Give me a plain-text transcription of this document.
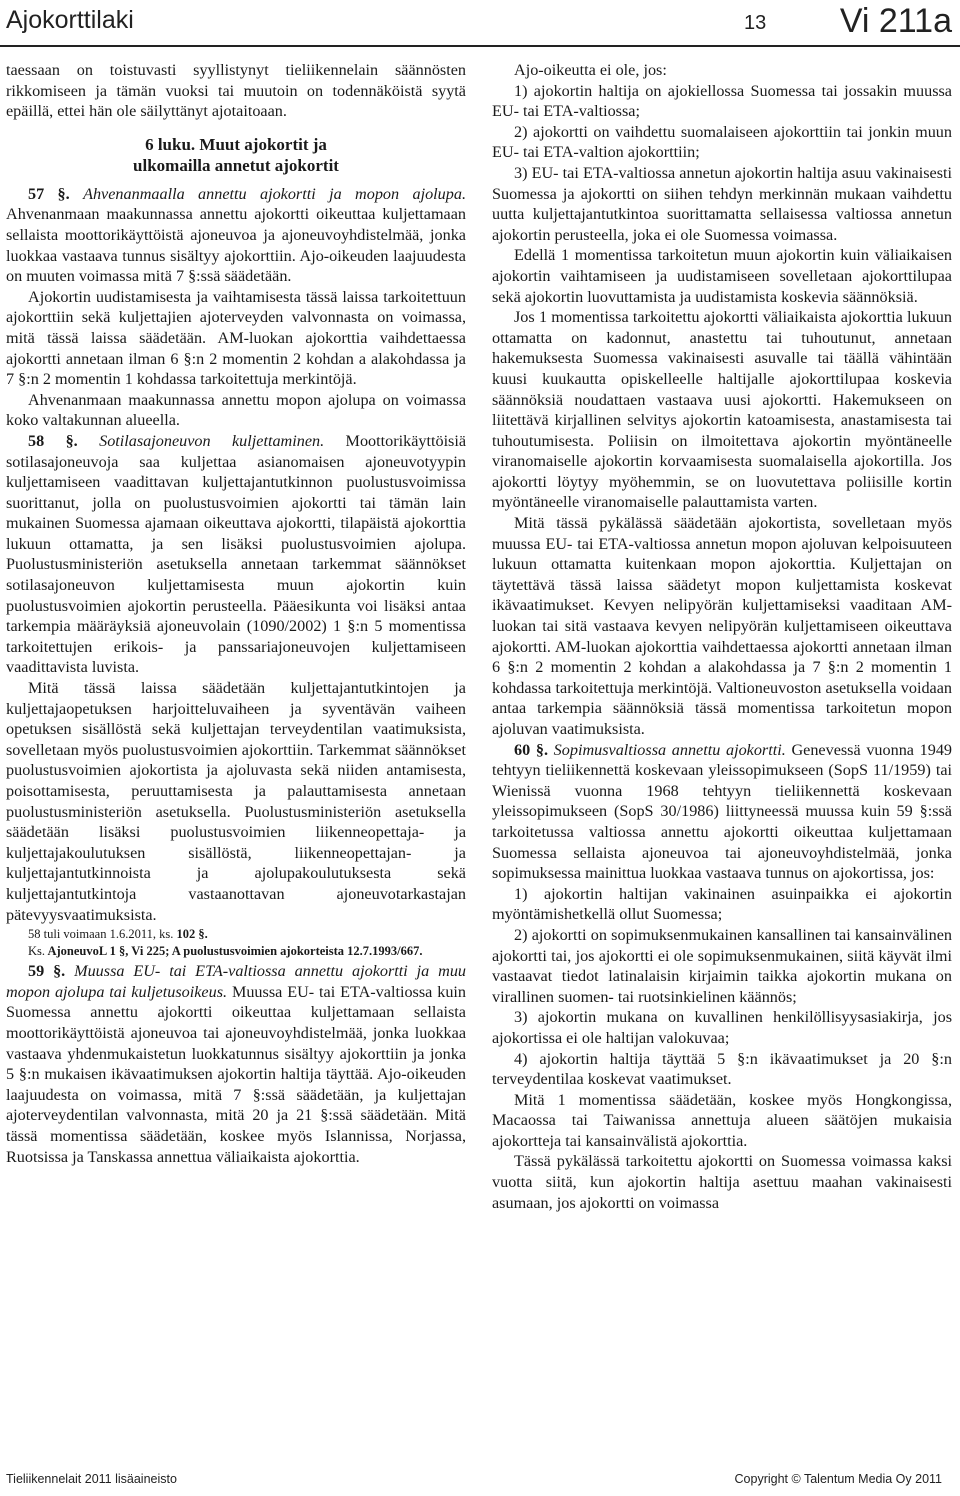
Ajokorttilaki	13 Vi 211a

taessaan on toistuvasti syyllistynyt tieliikennelain säännösten rikkomiseen ja tämän vuoksi tai muutoin on todennäköistä syytä epäillä, ettei hän ole säilyttänyt ajotaitoaan.

6 luku. Muut ajokortit ja
ulkomailla annetut ajokortit

57 §. Ahvenanmaalla annettu ajokortti ja mopon ajolupa. Ahvenanmaan maakunnassa annettu ajokortti oikeuttaa kuljettamaan sellaista moottorikäyttöistä ajoneuvoa ja ajoneuvoyhdistelmää, jonka luokkaa vastaava tunnus sisältyy ajokorttiin. Ajo-oikeuden laajuudesta on muuten voimassa mitä 7 §:ssä säädetään.

Ajokortin uudistamisesta ja vaihtamisesta tässä laissa tarkoitettuun ajokorttiin sekä kuljettajien ajoterveyden valvonnasta on voimassa, mitä tässä laissa säädetään. AM-luokan ajokorttia vaihdettaessa ajokortti annetaan ilman 6 §:n 2 momentin 2 kohdan a alakohdassa ja 7 §:n 2 momentin 1 kohdassa tarkoitettuja merkintöjä.

Ahvenanmaan maakunnassa annettu mopon ajolupa on voimassa koko valtakunnan alueella.

58 §. Sotilasajoneuvon kuljettaminen. Moottorikäyttöisiä sotilasajoneuvoja saa kuljettaa asianomaisen ajoneuvotyypin kuljettamiseen vaadittavan kuljettajantutkinnon puolustusvoimissa suorittanut, jolla on puolustusvoimien ajokortti tai tämän lain mukainen Suomessa ajamaan oikeuttava ajokortti, tilapäistä ajokorttia lukuun ottamatta, ja sen lisäksi puolustusvoimien ajolupa. Puolustusministeriön asetuksella annetaan tarkemmat säännökset sotilasajoneuvon kuljettamisesta muun ajokortin kuin puolustusvoimien ajokortin perusteella. Pääesikunta voi lisäksi antaa tarkempia määräyksiä ajoneuvolain (1090/2002) 1 §:n 5 momentissa tarkoitettujen erikois- ja panssariajoneuvojen kuljettamiseen vaadittavista luvista.

Mitä tässä laissa säädetään kuljettajantutkintojen ja kuljettajaopetuksen harjoitteluvaiheen ja syventävän vaiheen opetuksen sisällöstä sekä kuljettajan terveydentilan vaatimuksista, sovelletaan myös puolustusvoimien ajokorttiin. Tarkemmat säännökset puolustusvoimien ajokortista ja ajoluvasta sekä niiden antamisesta, poisottamisesta, peruuttamisesta ja palauttamisesta annetaan puolustusministeriön asetuksella. Puolustusministeriön asetuksella säädetään lisäksi puolustusvoimien liikenneopettaja- ja kuljettajakoulutuksen sisällöstä, liikenneopettajan- ja kuljettajantutkinnoista ja ajolupakoulutuksesta sekä kuljettajantutkintoja vastaanottavan ajoneuvotarkastajan pätevyysvaatimuksista.

58 tuli voimaan 1.6.2011, ks. 102 §.

Ks. AjoneuvoL 1 §, Vi 225; A puolustusvoimien ajokorteista 12.7.1993/667.

59 §. Muussa EU- tai ETA-valtiossa annettu ajokortti ja muu mopon ajolupa tai kuljetusoikeus. Muussa EU- tai ETA-valtiossa kuin Suomessa annettu ajokortti oikeuttaa kuljettamaan sellaista moottorikäyttöistä ajoneuvoa tai ajoneuvoyhdistelmää, jonka luokkaa vastaava yhdenmukaistetun luokkatunnus sisältyy ajokorttiin ja jonka 5 §:n mukaisen ikävaatimuksen ajokortin haltija täyttää. Ajo-oikeuden laajuudesta on voimassa, mitä 7 §:ssä säädetään, ja kuljettajan ajoterveydentilan valvonnasta, mitä 20 ja 21 §:ssä säädetään. Mitä tässä momentissa säädetään, koskee myös Islannissa, Norjassa, Ruotsissa ja Tanskassa annettua väliaikaista ajokorttia.

Ajo-oikeutta ei ole, jos:

1) ajokortin haltija on ajokiellossa Suomessa tai jossakin muussa EU- tai ETA-valtiossa;

2) ajokortti on vaihdettu suomalaiseen ajokorttiin tai jonkin muun EU- tai ETA-valtion ajokorttiin;

3) EU- tai ETA-valtiossa annetun ajokortin haltija asuu vakinaisesti Suomessa ja ajokortti on siihen tehdyn merkinnän mukaan vaihdettu uutta kuljettajantutkintoa suorittamatta sellaisessa valtiossa annetun ajokortin perusteella, joka ei ole Suomessa voimassa.

Edellä 1 momentissa tarkoitetun muun ajokortin kuin väliaikaisen ajokortin vaihtamiseen ja uudistamiseen sovelletaan ajokorttilupaa sekä ajokortin luovuttamista ja uudistamista koskevia säännöksiä.

Jos 1 momentissa tarkoitettu ajokortti väliaikaista ajokorttia lukuun ottamatta on kadonnut, anastettu tai tuhoutunut, annetaan hakemuksesta Suomessa vakinaisesti asuvalle tai täällä vähintään kuusi kuukautta opiskelleelle haltijalle ajokorttilupaa koskevia säännöksiä noudattaen vastaava uusi ajokortti. Hakemukseen on liitettävä kirjallinen selvitys ajokortin katoamisesta, anastamisesta tai tuhoutumisesta. Poliisin on ilmoitettava ajokortin myöntäneelle viranomaiselle ajokortin korvaamisesta suomalaisella ajokortilla. Jos ajokortti löytyy myöhemmin, se on luovutettava poliisille kortin myöntäneelle viranomaiselle palauttamista varten.

Mitä tässä pykälässä säädetään ajokortista, sovelletaan myös muussa EU- tai ETA-valtiossa annetun mopon ajoluvan kelpoisuuteen lukuun ottamatta kuitenkaan mopon ajokorttia. Kuljettajan on täytettävä tässä laissa säädetyt mopon kuljettamista koskevat ikävaatimukset. Kevyen nelipyörän kuljettamiseksi vaaditaan AM-luokan tai sitä vastaava kevyen nelipyörän kuljettamiseen oikeuttava ajokortti. AM-luokan ajokorttia vaihdettaessa ajokortti annetaan ilman 6 §:n 2 momentin 2 kohdan a alakohdassa ja 7 §:n 2 momentin 1 kohdassa tarkoitettuja merkintöjä. Valtioneuvoston asetuksella voidaan antaa tarkempia säännöksiä tässä momentissa tarkoitetun mopon ajoluvan vaatimuksista.

60 §. Sopimusvaltiossa annettu ajokortti. Genevessä vuonna 1949 tehtyyn tieliikennettä koskevaan yleissopimukseen (SopS 11/1959) tai Wienissä vuonna 1968 tehtyyn tieliikennettä koskevaan yleissopimukseen (SopS 30/1986) liittyneessä muussa kuin 59 §:ssä tarkoitetussa valtiossa annettu ajokortti oikeuttaa kuljettamaan Suomessa sellaista ajoneuvoa tai ajoneuvoyhdistelmää, jonka sopimuksessa mainittua luokkaa vastaava tunnus on ajokortissa, jos:

1) ajokortin haltijan vakinainen asuinpaikka ei ajokortin myöntämishetkellä ollut Suomessa;

2) ajokortti on sopimuksenmukainen kansallinen tai kansainvälinen ajokortti tai, jos ajokortti ei ole sopimuksenmukainen, siitä käyvät ilmi vastaavat tiedot latinalaisin kirjaimin taikka ajokortin mukana on virallinen suomen- tai ruotsinkielinen käännös;

3) ajokortin mukana on kuvallinen henkilöllisyysasiakirja, jos ajokortissa ei ole haltijan valokuvaa;

4) ajokortin haltija täyttää 5 §:n ikävaatimukset ja 20 §:n terveydentilaa koskevat vaatimukset.

Mitä 1 momentissa säädetään, koskee myös Hongkongissa, Macaossa tai Taiwanissa annettuja alueen säätöjen mukaisia ajokortteja tai kansainvälistä ajokorttia.

Tässä pykälässä tarkoitettu ajokortti on Suomessa voimassa kaksi vuotta siitä, kun ajokortin haltija asettuu maahan vakinaisesti asumaan, jos ajokortti on voimassa

Tieliikennelait 2011 lisäaineisto	Copyright © Talentum Media Oy 2011
